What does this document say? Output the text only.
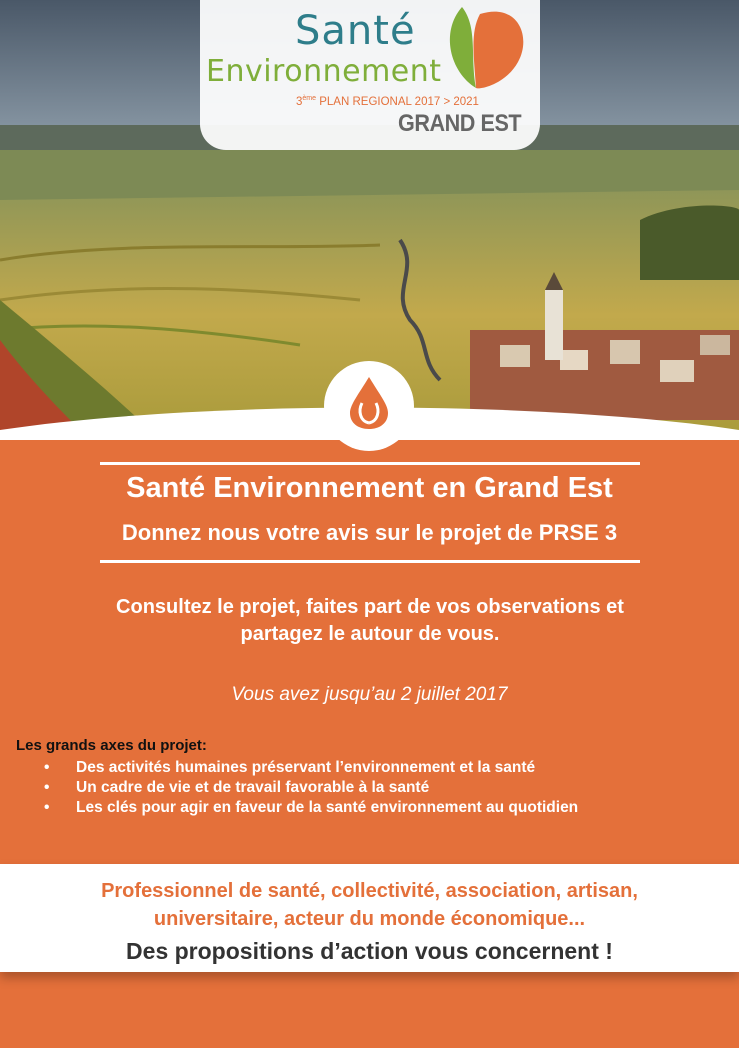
Santé
Environnement
3ème PLAN REGIONAL 2017 > 2021
GRAND EST
Santé Environnement en Grand Est
Donnez nous votre avis sur le projet de PRSE 3
Consultez le projet, faites part de vos observations et
partagez le autour de vous.
Vous avez jusqu’au 2 juillet 2017
Les grands axes du projet:
• Des activités humaines préservant l’environnement et la santé
• Un cadre de vie et de travail favorable à la santé
• Les clés pour agir en faveur de la santé environnement au quotidien
Professionnel de santé, collectivité, association, artisan,
universitaire, acteur du monde économique...
Des propositions d’action vous concernent !
